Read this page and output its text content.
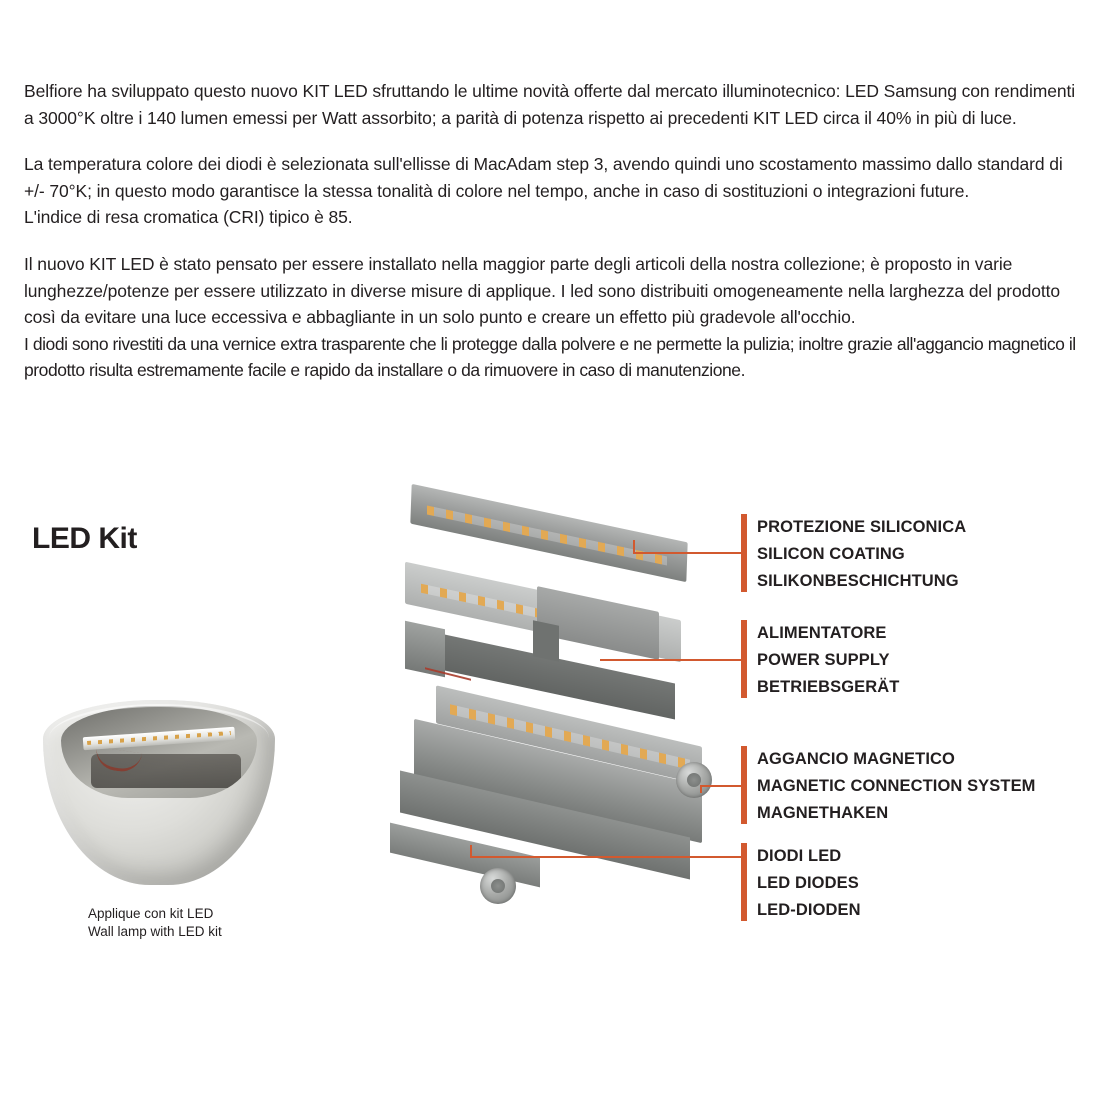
Belfiore ha sviluppato questo nuovo KIT LED sfruttando le ultime novità offerte dal mercato illuminotecnico: LED Samsung con rendimenti a 3000°K oltre i 140 lumen emessi per Watt assorbito; a parità di potenza rispetto ai precedenti KIT LED circa il 40% in più di luce.

La temperatura colore dei diodi è selezionata sull'ellisse di MacAdam step 3, avendo quindi uno scostamento massimo dallo standard di +/- 70°K; in questo modo garantisce la stessa tonalità di colore nel tempo, anche in caso di sostituzioni o integrazioni future.

L'indice di resa cromatica (CRI) tipico è 85.

Il nuovo KIT LED è stato pensato per essere installato nella maggior parte degli articoli della nostra collezione; è proposto in varie lunghezze/potenze per essere utilizzato in diverse misure di applique. I led sono distribuiti omogeneamente nella larghezza del prodotto così da evitare una luce eccessiva e abbagliante in un solo punto e creare un effetto più gradevole all'occhio.

I diodi sono rivestiti da una vernice extra trasparente che li protegge dalla polvere e ne permette la pulizia; inoltre grazie all'aggancio magnetico il prodotto risulta estremamente facile e rapido da installare o da rimuovere in caso di manutenzione.

LED Kit
Applique con kit LED
Wall lamp with LED kit
PROTEZIONE SILICONICA
SILICON COATING
SILIKONBESCHICHTUNG
ALIMENTATORE
POWER SUPPLY
BETRIEBSGERÄT
AGGANCIO MAGNETICO
MAGNETIC CONNECTION SYSTEM
MAGNETHAKEN
DIODI LED
LED DIODES
LED-DIODEN
